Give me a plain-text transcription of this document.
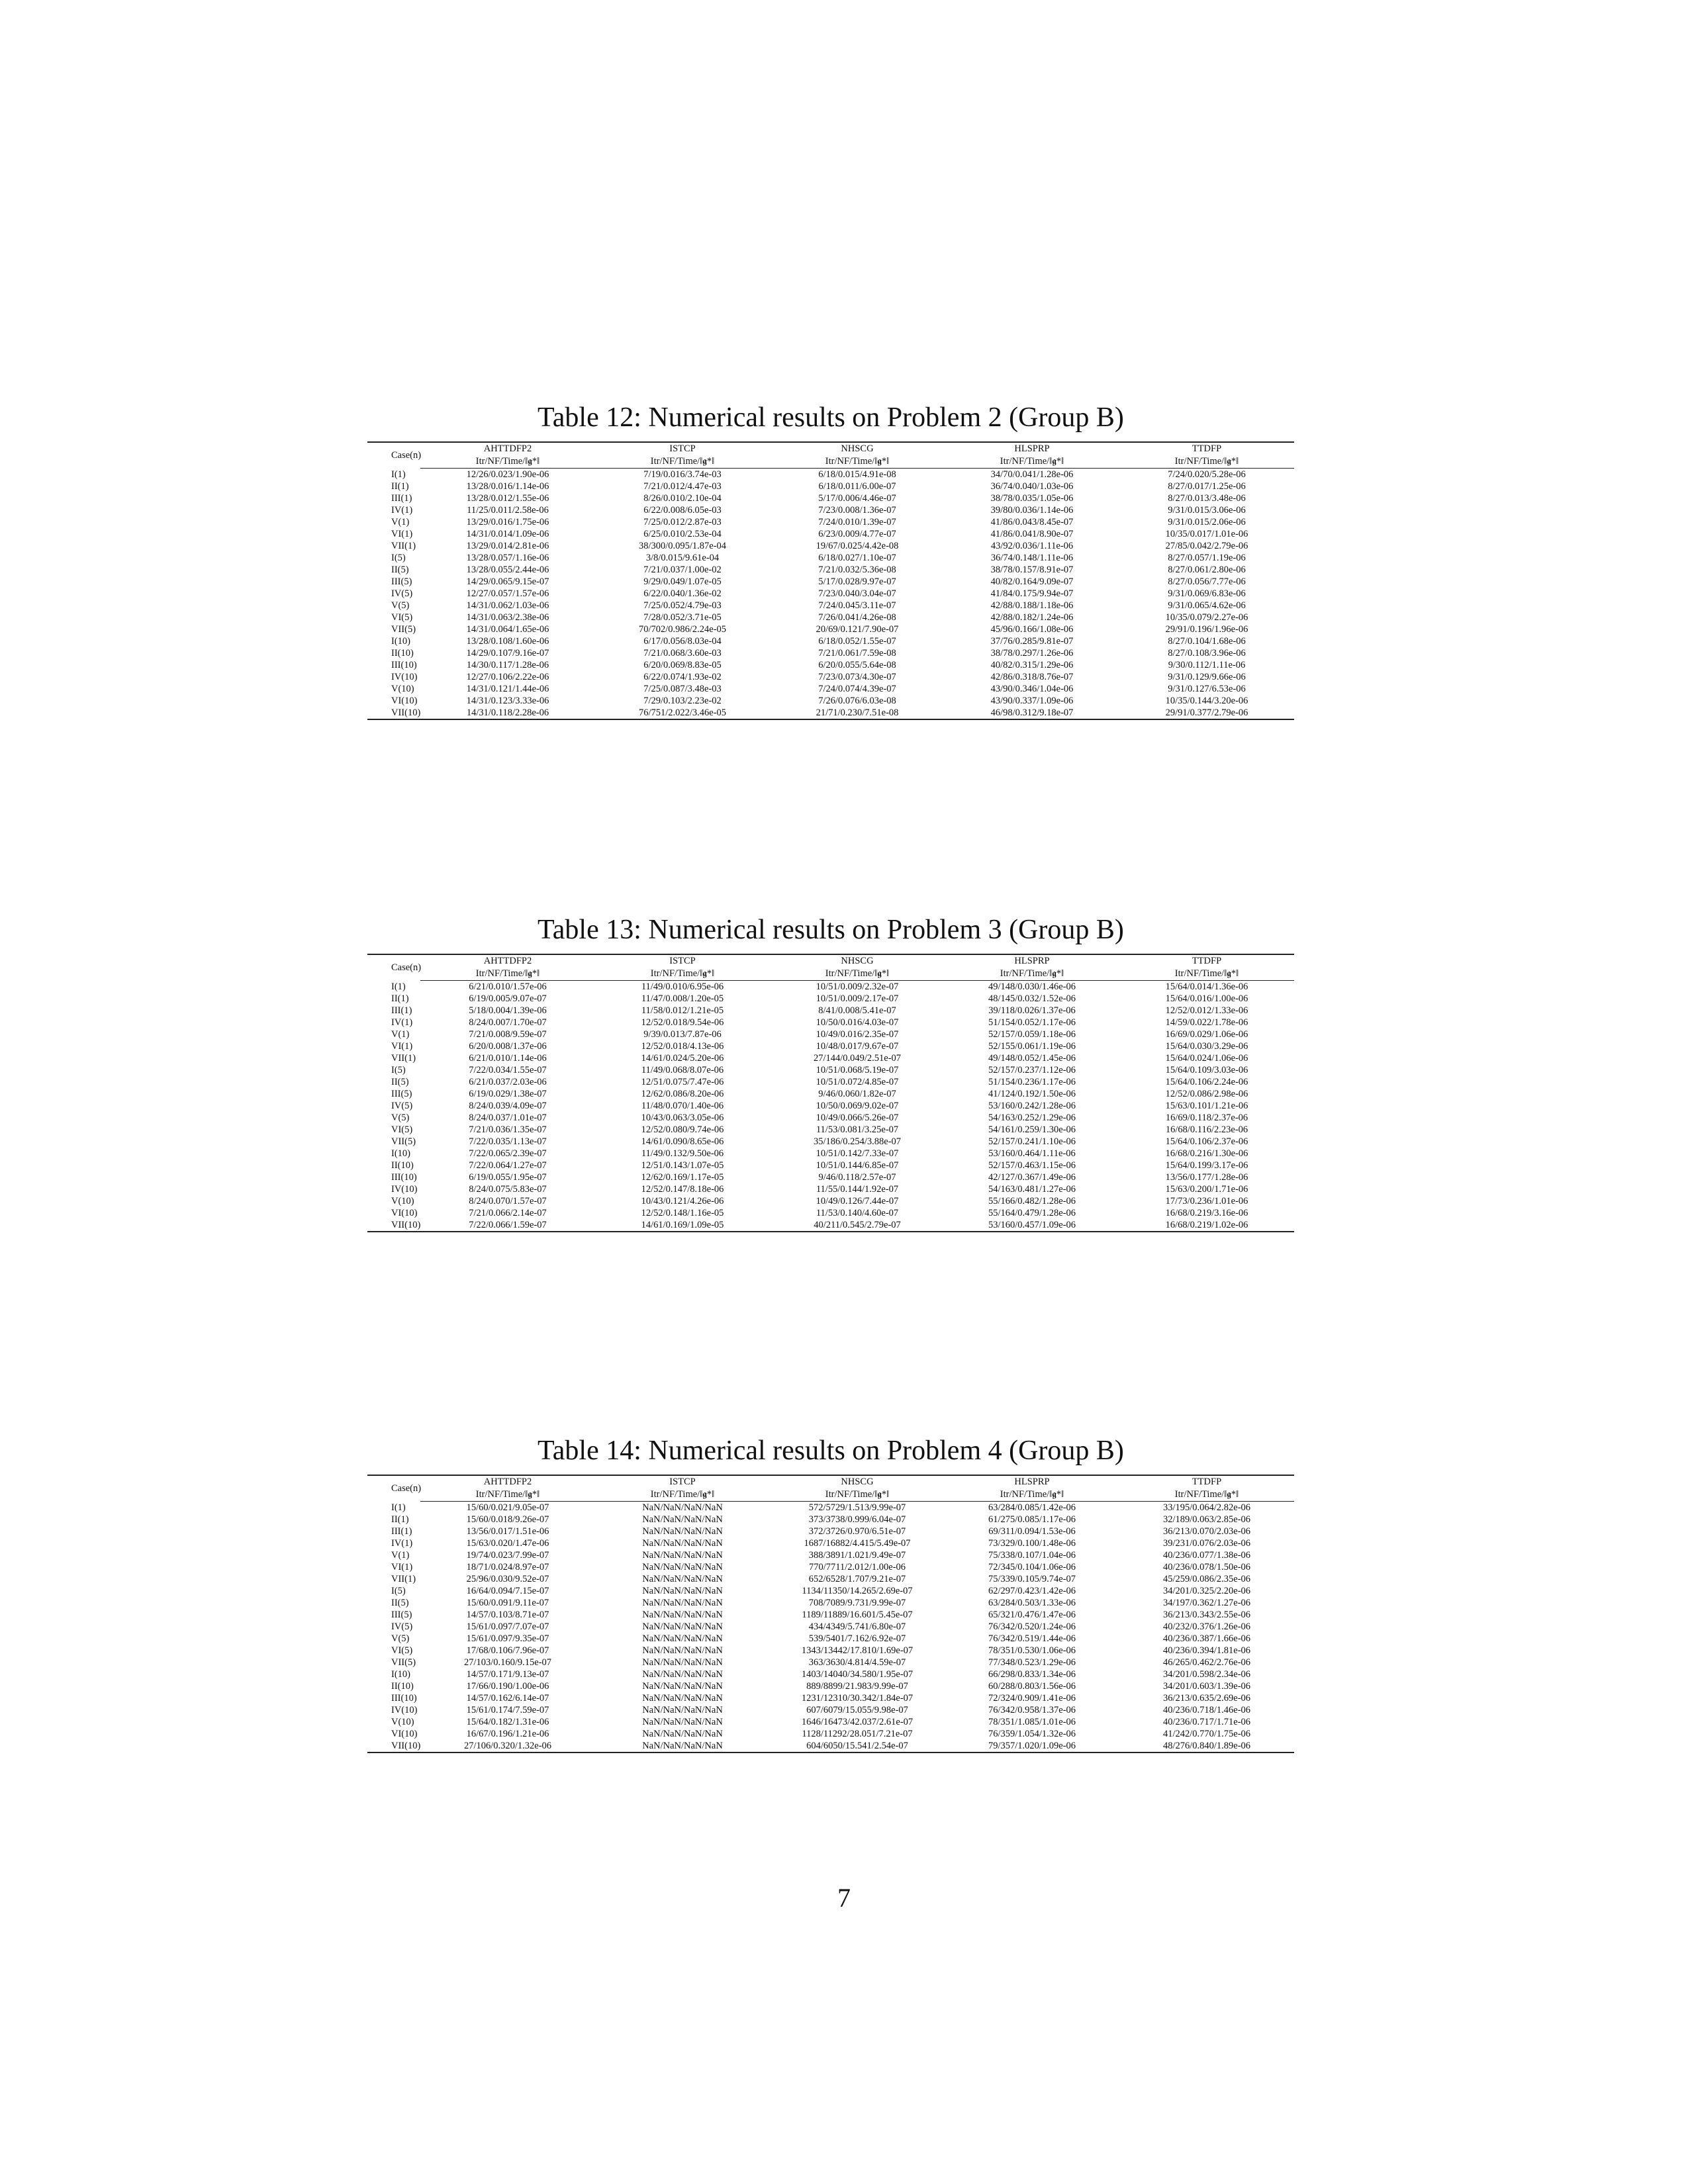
Table 12: Numerical results on Problem 2 (Group B)
Case(n)	AHTTDFP2	ISTCP	NHSCG	HLSPRP	TTDFP
	Itr/NF/Time/‖𝖌*‖	Itr/NF/Time/‖𝖌*‖	Itr/NF/Time/‖𝖌*‖	Itr/NF/Time/‖𝖌*‖	Itr/NF/Time/‖𝖌*‖
I(1)	12/26/0.023/1.90e-06	7/19/0.016/3.74e-03	6/18/0.015/4.91e-08	34/70/0.041/1.28e-06	7/24/0.020/5.28e-06
II(1)	13/28/0.016/1.14e-06	7/21/0.012/4.47e-03	6/18/0.011/6.00e-07	36/74/0.040/1.03e-06	8/27/0.017/1.25e-06
III(1)	13/28/0.012/1.55e-06	8/26/0.010/2.10e-04	5/17/0.006/4.46e-07	38/78/0.035/1.05e-06	8/27/0.013/3.48e-06
IV(1)	11/25/0.011/2.58e-06	6/22/0.008/6.05e-03	7/23/0.008/1.36e-07	39/80/0.036/1.14e-06	9/31/0.015/3.06e-06
V(1)	13/29/0.016/1.75e-06	7/25/0.012/2.87e-03	7/24/0.010/1.39e-07	41/86/0.043/8.45e-07	9/31/0.015/2.06e-06
VI(1)	14/31/0.014/1.09e-06	6/25/0.010/2.53e-04	6/23/0.009/4.77e-07	41/86/0.041/8.90e-07	10/35/0.017/1.01e-06
VII(1)	13/29/0.014/2.81e-06	38/300/0.095/1.87e-04	19/67/0.025/4.42e-08	43/92/0.036/1.11e-06	27/85/0.042/2.79e-06
I(5)	13/28/0.057/1.16e-06	3/8/0.015/9.61e-04	6/18/0.027/1.10e-07	36/74/0.148/1.11e-06	8/27/0.057/1.19e-06
II(5)	13/28/0.055/2.44e-06	7/21/0.037/1.00e-02	7/21/0.032/5.36e-08	38/78/0.157/8.91e-07	8/27/0.061/2.80e-06
III(5)	14/29/0.065/9.15e-07	9/29/0.049/1.07e-05	5/17/0.028/9.97e-07	40/82/0.164/9.09e-07	8/27/0.056/7.77e-06
IV(5)	12/27/0.057/1.57e-06	6/22/0.040/1.36e-02	7/23/0.040/3.04e-07	41/84/0.175/9.94e-07	9/31/0.069/6.83e-06
V(5)	14/31/0.062/1.03e-06	7/25/0.052/4.79e-03	7/24/0.045/3.11e-07	42/88/0.188/1.18e-06	9/31/0.065/4.62e-06
VI(5)	14/31/0.063/2.38e-06	7/28/0.052/3.71e-05	7/26/0.041/4.26e-08	42/88/0.182/1.24e-06	10/35/0.079/2.27e-06
VII(5)	14/31/0.064/1.65e-06	70/702/0.986/2.24e-05	20/69/0.121/7.90e-07	45/96/0.166/1.08e-06	29/91/0.196/1.96e-06
I(10)	13/28/0.108/1.60e-06	6/17/0.056/8.03e-04	6/18/0.052/1.55e-07	37/76/0.285/9.81e-07	8/27/0.104/1.68e-06
II(10)	14/29/0.107/9.16e-07	7/21/0.068/3.60e-03	7/21/0.061/7.59e-08	38/78/0.297/1.26e-06	8/27/0.108/3.96e-06
III(10)	14/30/0.117/1.28e-06	6/20/0.069/8.83e-05	6/20/0.055/5.64e-08	40/82/0.315/1.29e-06	9/30/0.112/1.11e-06
IV(10)	12/27/0.106/2.22e-06	6/22/0.074/1.93e-02	7/23/0.073/4.30e-07	42/86/0.318/8.76e-07	9/31/0.129/9.66e-06
V(10)	14/31/0.121/1.44e-06	7/25/0.087/3.48e-03	7/24/0.074/4.39e-07	43/90/0.346/1.04e-06	9/31/0.127/6.53e-06
VI(10)	14/31/0.123/3.33e-06	7/29/0.103/2.23e-02	7/26/0.076/6.03e-08	43/90/0.337/1.09e-06	10/35/0.144/3.20e-06
VII(10)	14/31/0.118/2.28e-06	76/751/2.022/3.46e-05	21/71/0.230/7.51e-08	46/98/0.312/9.18e-07	29/91/0.377/2.79e-06
Table 13: Numerical results on Problem 3 (Group B)
Case(n)	AHTTDFP2	ISTCP	NHSCG	HLSPRP	TTDFP
	Itr/NF/Time/‖𝖌*‖	Itr/NF/Time/‖𝖌*‖	Itr/NF/Time/‖𝖌*‖	Itr/NF/Time/‖𝖌*‖	Itr/NF/Time/‖𝖌*‖
I(1)	6/21/0.010/1.57e-06	11/49/0.010/6.95e-06	10/51/0.009/2.32e-07	49/148/0.030/1.46e-06	15/64/0.014/1.36e-06
II(1)	6/19/0.005/9.07e-07	11/47/0.008/1.20e-05	10/51/0.009/2.17e-07	48/145/0.032/1.52e-06	15/64/0.016/1.00e-06
III(1)	5/18/0.004/1.39e-06	11/58/0.012/1.21e-05	8/41/0.008/5.41e-07	39/118/0.026/1.37e-06	12/52/0.012/1.33e-06
IV(1)	8/24/0.007/1.70e-07	12/52/0.018/9.54e-06	10/50/0.016/4.03e-07	51/154/0.052/1.17e-06	14/59/0.022/1.78e-06
V(1)	7/21/0.008/9.59e-07	9/39/0.013/7.87e-06	10/49/0.016/2.35e-07	52/157/0.059/1.18e-06	16/69/0.029/1.06e-06
VI(1)	6/20/0.008/1.37e-06	12/52/0.018/4.13e-06	10/48/0.017/9.67e-07	52/155/0.061/1.19e-06	15/64/0.030/3.29e-06
VII(1)	6/21/0.010/1.14e-06	14/61/0.024/5.20e-06	27/144/0.049/2.51e-07	49/148/0.052/1.45e-06	15/64/0.024/1.06e-06
I(5)	7/22/0.034/1.55e-07	11/49/0.068/8.07e-06	10/51/0.068/5.19e-07	52/157/0.237/1.12e-06	15/64/0.109/3.03e-06
II(5)	6/21/0.037/2.03e-06	12/51/0.075/7.47e-06	10/51/0.072/4.85e-07	51/154/0.236/1.17e-06	15/64/0.106/2.24e-06
III(5)	6/19/0.029/1.38e-07	12/62/0.086/8.20e-06	9/46/0.060/1.82e-07	41/124/0.192/1.50e-06	12/52/0.086/2.98e-06
IV(5)	8/24/0.039/4.09e-07	11/48/0.070/1.40e-06	10/50/0.069/9.02e-07	53/160/0.242/1.28e-06	15/63/0.101/1.21e-06
V(5)	8/24/0.037/1.01e-07	10/43/0.063/3.05e-06	10/49/0.066/5.26e-07	54/163/0.252/1.29e-06	16/69/0.118/2.37e-06
VI(5)	7/21/0.036/1.35e-07	12/52/0.080/9.74e-06	11/53/0.081/3.25e-07	54/161/0.259/1.30e-06	16/68/0.116/2.23e-06
VII(5)	7/22/0.035/1.13e-07	14/61/0.090/8.65e-06	35/186/0.254/3.88e-07	52/157/0.241/1.10e-06	15/64/0.106/2.37e-06
I(10)	7/22/0.065/2.39e-07	11/49/0.132/9.50e-06	10/51/0.142/7.33e-07	53/160/0.464/1.11e-06	16/68/0.216/1.30e-06
II(10)	7/22/0.064/1.27e-07	12/51/0.143/1.07e-05	10/51/0.144/6.85e-07	52/157/0.463/1.15e-06	15/64/0.199/3.17e-06
III(10)	6/19/0.055/1.95e-07	12/62/0.169/1.17e-05	9/46/0.118/2.57e-07	42/127/0.367/1.49e-06	13/56/0.177/1.28e-06
IV(10)	8/24/0.075/5.83e-07	12/52/0.147/8.18e-06	11/55/0.144/1.92e-07	54/163/0.481/1.27e-06	15/63/0.200/1.71e-06
V(10)	8/24/0.070/1.57e-07	10/43/0.121/4.26e-06	10/49/0.126/7.44e-07	55/166/0.482/1.28e-06	17/73/0.236/1.01e-06
VI(10)	7/21/0.066/2.14e-07	12/52/0.148/1.16e-05	11/53/0.140/4.60e-07	55/164/0.479/1.28e-06	16/68/0.219/3.16e-06
VII(10)	7/22/0.066/1.59e-07	14/61/0.169/1.09e-05	40/211/0.545/2.79e-07	53/160/0.457/1.09e-06	16/68/0.219/1.02e-06
Table 14: Numerical results on Problem 4 (Group B)
Case(n)	AHTTDFP2	ISTCP	NHSCG	HLSPRP	TTDFP
	Itr/NF/Time/‖𝖌*‖	Itr/NF/Time/‖𝖌*‖	Itr/NF/Time/‖𝖌*‖	Itr/NF/Time/‖𝖌*‖	Itr/NF/Time/‖𝖌*‖
I(1)	15/60/0.021/9.05e-07	NaN/NaN/NaN/NaN	572/5729/1.513/9.99e-07	63/284/0.085/1.42e-06	33/195/0.064/2.82e-06
II(1)	15/60/0.018/9.26e-07	NaN/NaN/NaN/NaN	373/3738/0.999/6.04e-07	61/275/0.085/1.17e-06	32/189/0.063/2.85e-06
III(1)	13/56/0.017/1.51e-06	NaN/NaN/NaN/NaN	372/3726/0.970/6.51e-07	69/311/0.094/1.53e-06	36/213/0.070/2.03e-06
IV(1)	15/63/0.020/1.47e-06	NaN/NaN/NaN/NaN	1687/16882/4.415/5.49e-07	73/329/0.100/1.48e-06	39/231/0.076/2.03e-06
V(1)	19/74/0.023/7.99e-07	NaN/NaN/NaN/NaN	388/3891/1.021/9.49e-07	75/338/0.107/1.04e-06	40/236/0.077/1.38e-06
VI(1)	18/71/0.024/8.97e-07	NaN/NaN/NaN/NaN	770/7711/2.012/1.00e-06	72/345/0.104/1.06e-06	40/236/0.078/1.50e-06
VII(1)	25/96/0.030/9.52e-07	NaN/NaN/NaN/NaN	652/6528/1.707/9.21e-07	75/339/0.105/9.74e-07	45/259/0.086/2.35e-06
I(5)	16/64/0.094/7.15e-07	NaN/NaN/NaN/NaN	1134/11350/14.265/2.69e-07	62/297/0.423/1.42e-06	34/201/0.325/2.20e-06
II(5)	15/60/0.091/9.11e-07	NaN/NaN/NaN/NaN	708/7089/9.731/9.99e-07	63/284/0.503/1.33e-06	34/197/0.362/1.27e-06
III(5)	14/57/0.103/8.71e-07	NaN/NaN/NaN/NaN	1189/11889/16.601/5.45e-07	65/321/0.476/1.47e-06	36/213/0.343/2.55e-06
IV(5)	15/61/0.097/7.07e-07	NaN/NaN/NaN/NaN	434/4349/5.741/6.80e-07	76/342/0.520/1.24e-06	40/232/0.376/1.26e-06
V(5)	15/61/0.097/9.35e-07	NaN/NaN/NaN/NaN	539/5401/7.162/6.92e-07	76/342/0.519/1.44e-06	40/236/0.387/1.66e-06
VI(5)	17/68/0.106/7.96e-07	NaN/NaN/NaN/NaN	1343/13442/17.810/1.69e-07	78/351/0.530/1.06e-06	40/236/0.394/1.81e-06
VII(5)	27/103/0.160/9.15e-07	NaN/NaN/NaN/NaN	363/3630/4.814/4.59e-07	77/348/0.523/1.29e-06	46/265/0.462/2.76e-06
I(10)	14/57/0.171/9.13e-07	NaN/NaN/NaN/NaN	1403/14040/34.580/1.95e-07	66/298/0.833/1.34e-06	34/201/0.598/2.34e-06
II(10)	17/66/0.190/1.00e-06	NaN/NaN/NaN/NaN	889/8899/21.983/9.99e-07	60/288/0.803/1.56e-06	34/201/0.603/1.39e-06
III(10)	14/57/0.162/6.14e-07	NaN/NaN/NaN/NaN	1231/12310/30.342/1.84e-07	72/324/0.909/1.41e-06	36/213/0.635/2.69e-06
IV(10)	15/61/0.174/7.59e-07	NaN/NaN/NaN/NaN	607/6079/15.055/9.98e-07	76/342/0.958/1.37e-06	40/236/0.718/1.46e-06
V(10)	15/64/0.182/1.31e-06	NaN/NaN/NaN/NaN	1646/16473/42.037/2.61e-07	78/351/1.085/1.01e-06	40/236/0.717/1.71e-06
VI(10)	16/67/0.196/1.21e-06	NaN/NaN/NaN/NaN	1128/11292/28.051/7.21e-07	76/359/1.054/1.32e-06	41/242/0.770/1.75e-06
VII(10)	27/106/0.320/1.32e-06	NaN/NaN/NaN/NaN	604/6050/15.541/2.54e-07	79/357/1.020/1.09e-06	48/276/0.840/1.89e-06
7
